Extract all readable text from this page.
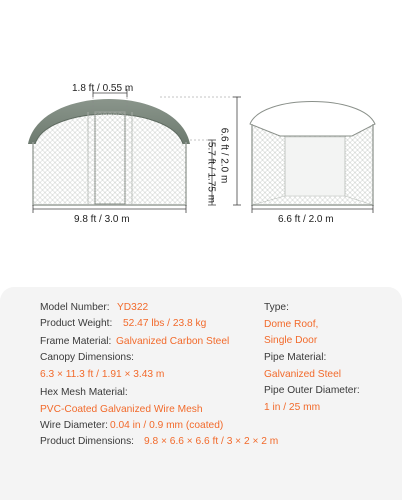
1.8 ft / 0.55 m
9.8 ft / 3.0 m	6.6 ft / 2.0 m
5.7 ft / 1.75 m 6.6 ft / 2.0 m
Model Number: YD322
Product Weight: 52.47 lbs / 23.8 kg
Frame Material: Galvanized Carbon Steel
Canopy Dimensions:
6.3 × 11.3 ft / 1.91 × 3.43 m
Hex Mesh Material:
PVC-Coated Galvanized Wire Mesh
Wire Diameter: 0.04 in / 0.9 mm (coated)
Product Dimensions: 9.8 × 6.6 × 6.6 ft / 3 × 2 × 2 m
Type:
Dome Roof,
Single Door
Pipe Material:
Galvanized Steel
Pipe Outer Diameter:
1 in / 25 mm
